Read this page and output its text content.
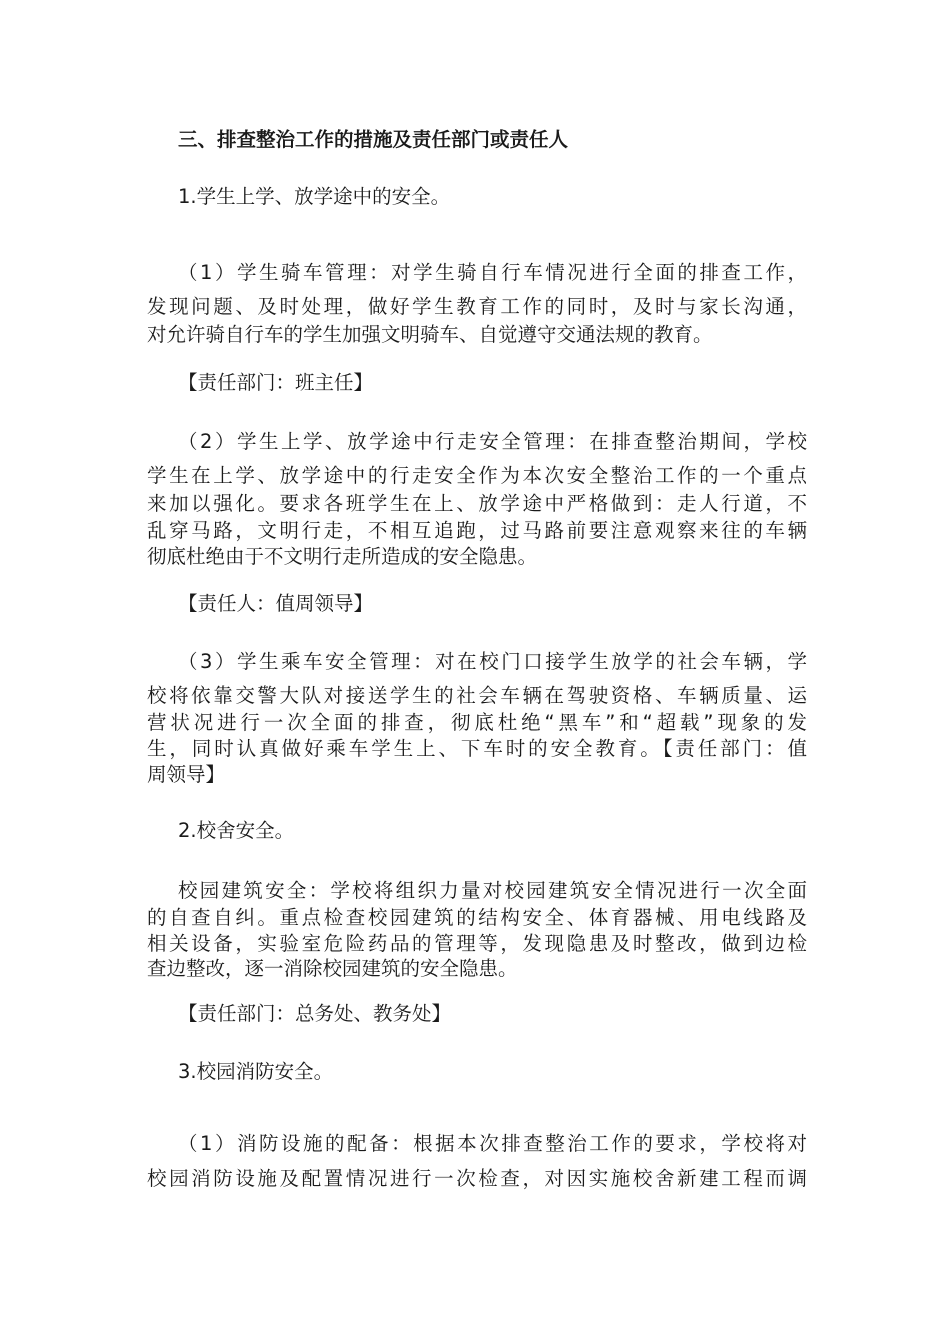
三、排查整治工作的措施及责任部门或责任人
1.学生上学、放学途中的安全。
（1）学生骑车管理：对学生骑自行车情况进行全面的排查工作，
发现问题、及时处理，做好学生教育工作的同时，及时与家长沟通，
对允许骑自行车的学生加强文明骑车、自觉遵守交通法规的教育。
【责任部门：班主任】
（2）学生上学、放学途中行走安全管理：在排查整治期间，学校
学生在上学、放学途中的行走安全作为本次安全整治工作的一个重点
来加以强化。要求各班学生在上、放学途中严格做到：走人行道，不
乱穿马路，文明行走，不相互追跑，过马路前要注意观察来往的车辆
彻底杜绝由于不文明行走所造成的安全隐患。
【责任人：值周领导】
（3）学生乘车安全管理：对在校门口接学生放学的社会车辆，学
校将依靠交警大队对接送学生的社会车辆在驾驶资格、车辆质量、运
营状况进行一次全面的排查，彻底杜绝“黑车”和“超载”现象的发
生，同时认真做好乘车学生上、下车时的安全教育。【责任部门：值
周领导】
2.校舍安全。
校园建筑安全：学校将组织力量对校园建筑安全情况进行一次全面
的自查自纠。重点检查校园建筑的结构安全、体育器械、用电线路及
相关设备，实验室危险药品的管理等，发现隐患及时整改，做到边检
查边整改，逐一消除校园建筑的安全隐患。
【责任部门：总务处、教务处】
3.校园消防安全。
（1）消防设施的配备：根据本次排查整治工作的要求，学校将对
校园消防设施及配置情况进行一次检查，对因实施校舍新建工程而调
